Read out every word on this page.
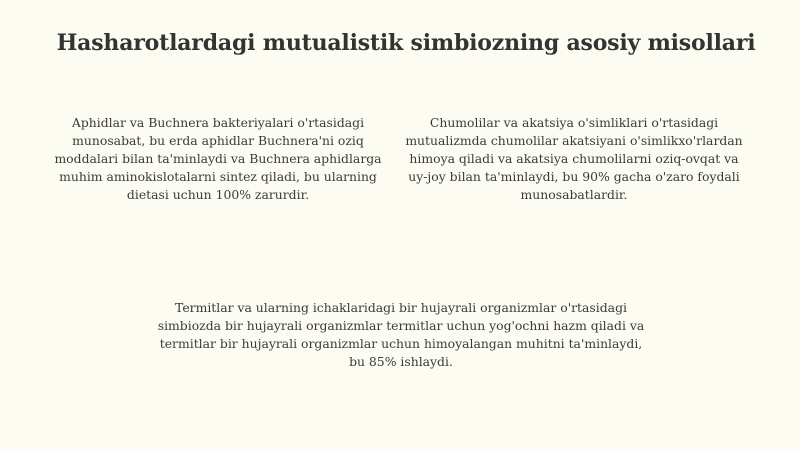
Hasharotlardagi mutualistik simbiozning asosiy misollari

Aphidlar va Buchnera bakteriyalari o'rtasidagi munosabat, bu erda aphidlar Buchnera'ni oziq moddalari bilan ta'minlaydi va Buchnera aphidlarga muhim aminokislotalarni sintez qiladi, bu ularning dietasi uchun 100% zarurdir.

Chumolilar va akatsiya o'simliklari o'rtasidagi mutualizmda chumolilar akatsiyani o'simlikxo'rlardan himoya qiladi va akatsiya chumolilarni oziq-ovqat va uy-joy bilan ta'minlaydi, bu 90% gacha o'zaro foydali munosabatlardir.

Termitlar va ularning ichaklaridagi bir hujayrali organizmlar o'rtasidagi simbiozda bir hujayrali organizmlar termitlar uchun yog'ochni hazm qiladi va termitlar bir hujayrali organizmlar uchun himoyalangan muhitni ta'minlaydi, bu 85% ishlaydi.
